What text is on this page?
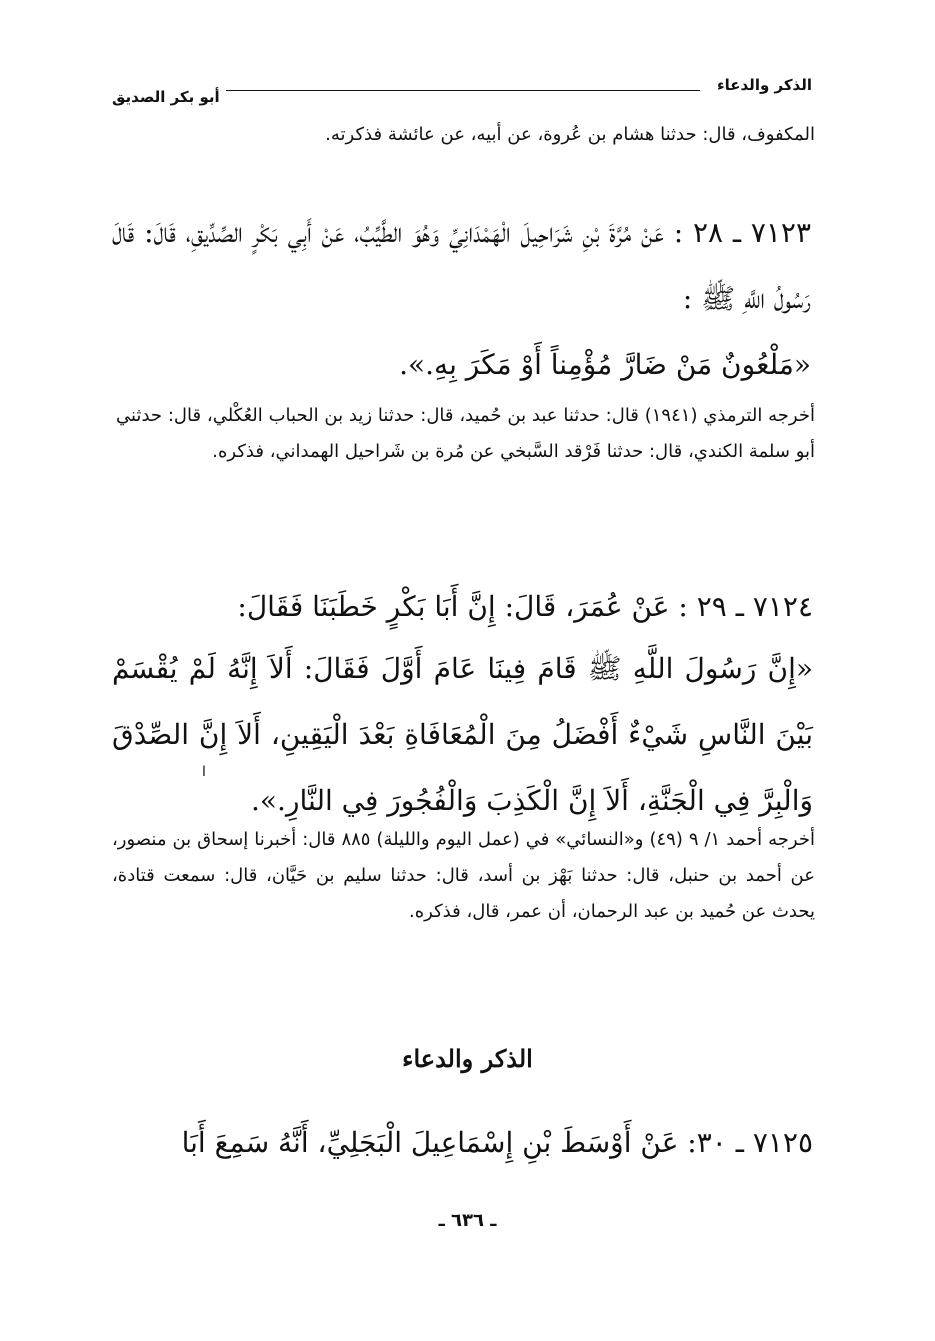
الذكر والدعاء
أبو بكر الصديق
المكفوف، قال: حدثنا هشام بن عُروة، عن أبيه، عن عائشة فذكرته.
٧١٢٣ ـ ٢٨ : عَنْ مُرَّةَ بْنِ شَرَاحِيلَ الْهَمْدَانِيِّ وَهُوَ الطَّيِّبُ، عَنْ أَبِي بَكْرٍ الصِّدِّيقِ، قَالَ: قَالَ رَسُولُ اللَّهِ ﷺ :
«مَلْعُونٌ مَنْ ضَارَّ مُؤْمِناً أَوْ مَكَرَ بِهِ.».
أخرجه الترمذي (١٩٤١) قال: حدثنا عبد بن حُميد، قال: حدثنا زيد بن الحباب العُكْلي، قال: حدثني أبو سلمة الكندي، قال: حدثنا فَرْقد السَّبخي عن مُرة بن شَراحيل الهمداني، فذكره.
٧١٢٤ ـ ٢٩ : عَنْ عُمَرَ، قَالَ: إِنَّ أَبَا بَكْرٍ خَطَبَنَا فَقَالَ:
«إِنَّ رَسُولَ اللَّهِ ﷺ قَامَ فِينَا عَامَ أَوَّلَ فَقَالَ: أَلاَ إِنَّهُ لَمْ يُقْسَمْ بَيْنَ النَّاسِ شَيْءٌ أَفْضَلُ مِنَ الْمُعَافَاةِ بَعْدَ الْيَقِينِ، أَلاَ إِنَّ الصِّدْقَ وَالْبِرَّ فِي الْجَنَّةِ، أَلاَ إِنَّ الْكَذِبَ وَالْفُجُورَ فِي النَّارِ.».
ا
أخرجه أحمد ١/ ٩ (٤٩) و«النسائي» في (عمل اليوم والليلة) ٨٨٥ قال: أخبرنا إسحاق بن منصور، عن أحمد بن حنبل، قال: حدثنا بَهْز بن أسد، قال: حدثنا سليم بن حَيَّان، قال: سمعت قتادة، يحدث عن حُميد بن عبد الرحمان، أن عمر، قال، فذكره.
الذكر والدعاء
٧١٢٥ ـ ٣٠: عَنْ أَوْسَطَ بْنِ إِسْمَاعِيلَ الْبَجَلِيِّ، أَنَّهُ سَمِعَ أَبَا
ـ ٦٣٦ ـ
